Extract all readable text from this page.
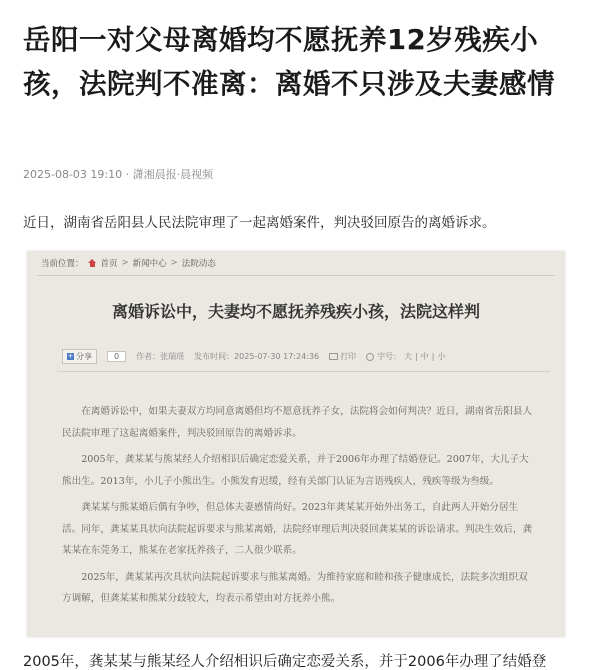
岳阳一对父母离婚均不愿抚养12岁残疾小孩，法院判不准离：离婚不只涉及夫妻感情
2025-08-03 19:10 · 潇湘晨报·晨视频
近日，湖南省岳阳县人民法院审理了一起离婚案件，判决驳回原告的离婚诉求。
当前位置： 首页 > 新闻中心 > 法院动态
离婚诉讼中，夫妻均不愿抚养残疾小孩，法院这样判
+ 分享	0	作者：张瑞瑶 发布时间：2025-07-30 17:24:36	打印	字号： 大 | 中 | 小

在离婚诉讼中，如果夫妻双方均同意离婚但均不愿意抚养子女，法院将会如何判决？近日，湖南省岳阳县人民法院审理了这起离婚案件，判决驳回原告的离婚诉求。

2005年，龚某某与熊某经人介绍相识后确定恋爱关系，并于2006年办理了结婚登记。2007年，大儿子大熊出生。2013年，小儿子小熊出生。小熊发育迟缓，经有关部门认证为言语残疾人，残疾等级为叁级。

龚某某与熊某婚后偶有争吵，但总体夫妻感情尚好。2023年龚某某开始外出务工，自此两人开始分居生活。同年，龚某某具状向法院起诉要求与熊某离婚，法院经审理后判决驳回龚某某的诉讼请求。判决生效后，龚某某在东莞务工，熊某在老家抚养孩子，二人很少联系。

2025年，龚某某再次具状向法院起诉要求与熊某离婚。为维持家庭和睦和孩子健康成长，法院多次组织双方调解，但龚某某和熊某分歧较大，均表示希望由对方抚养小熊。

2005年，龚某某与熊某经人介绍相识后确定恋爱关系，并于2006年办理了结婚登
